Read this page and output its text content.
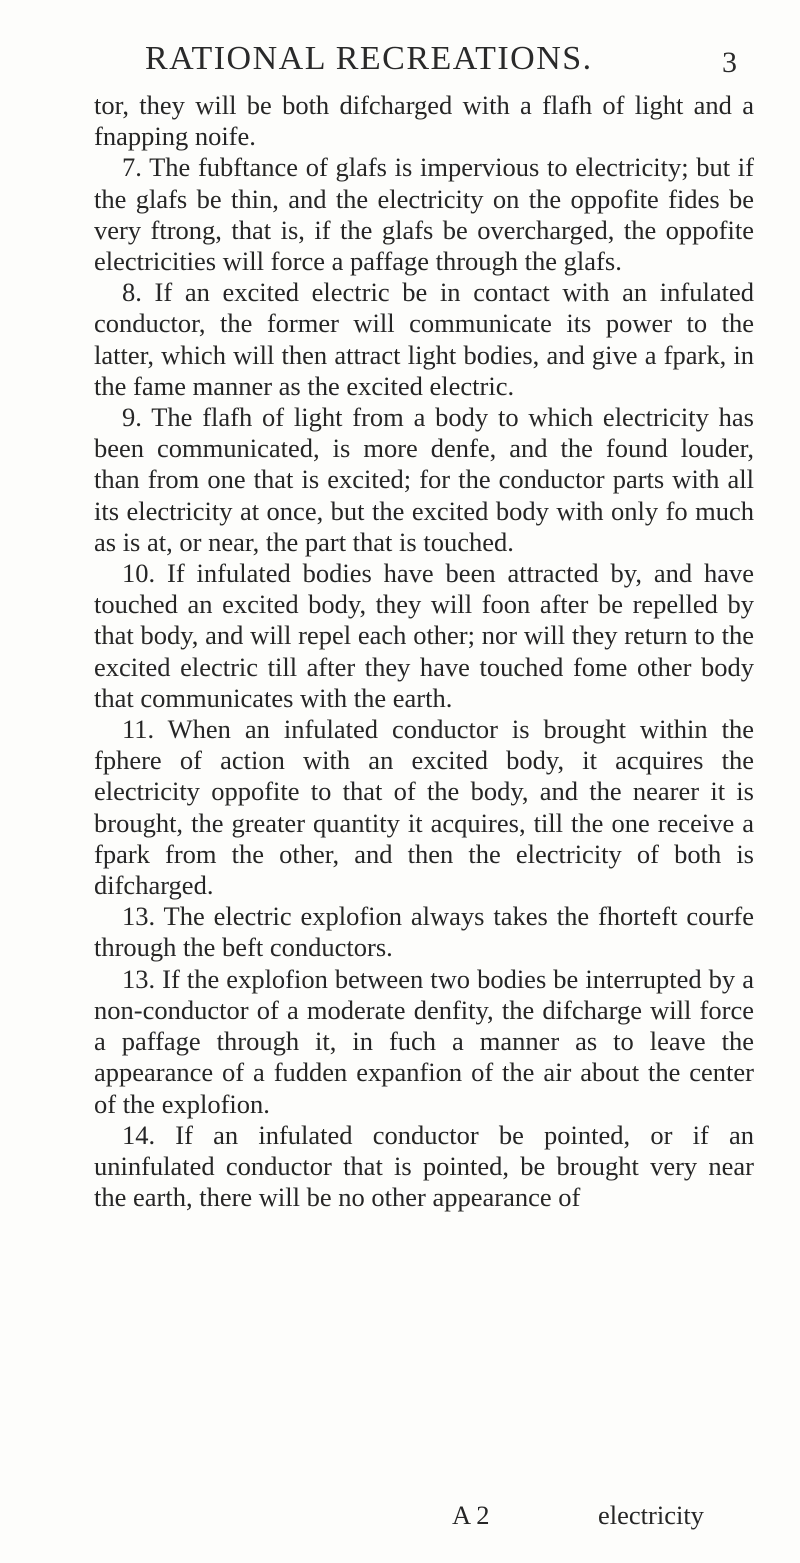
RATIONAL RECREATIONS.	3

tor, they will be both difcharged with a flafh of light and a fnapping noife.

7. The fubftance of glafs is impervious to electricity; but if the glafs be thin, and the electricity on the oppofite fides be very ftrong, that is, if the glafs be overcharged, the oppofite electricities will force a paffage through the glafs.

8. If an excited electric be in contact with an infulated conductor, the former will communicate its power to the latter, which will then attract light bodies, and give a fpark, in the fame manner as the excited electric.

9. The flafh of light from a body to which electricity has been communicated, is more denfe, and the found louder, than from one that is excited; for the conductor parts with all its electricity at once, but the excited body with only fo much as is at, or near, the part that is touched.

10. If infulated bodies have been attracted by, and have touched an excited body, they will foon after be repelled by that body, and will repel each other; nor will they return to the excited electric till after they have touched fome other body that communicates with the earth.

11. When an infulated conductor is brought within the fphere of action with an excited body, it acquires the electricity oppofite to that of the body, and the nearer it is brought, the greater quantity it acquires, till the one receive a fpark from the other, and then the electricity of both is difcharged.

13. The electric explofion always takes the fhorteft courfe through the beft conductors.

13. If the explofion between two bodies be interrupted by a non-conductor of a moderate denfity, the difcharge will force a paffage through it, in fuch a manner as to leave the appearance of a fudden expanfion of the air about the center of the explofion.

14. If an infulated conductor be pointed, or if an uninfulated conductor that is pointed, be brought very near the earth, there will be no other appearance of

A 2	electricity
